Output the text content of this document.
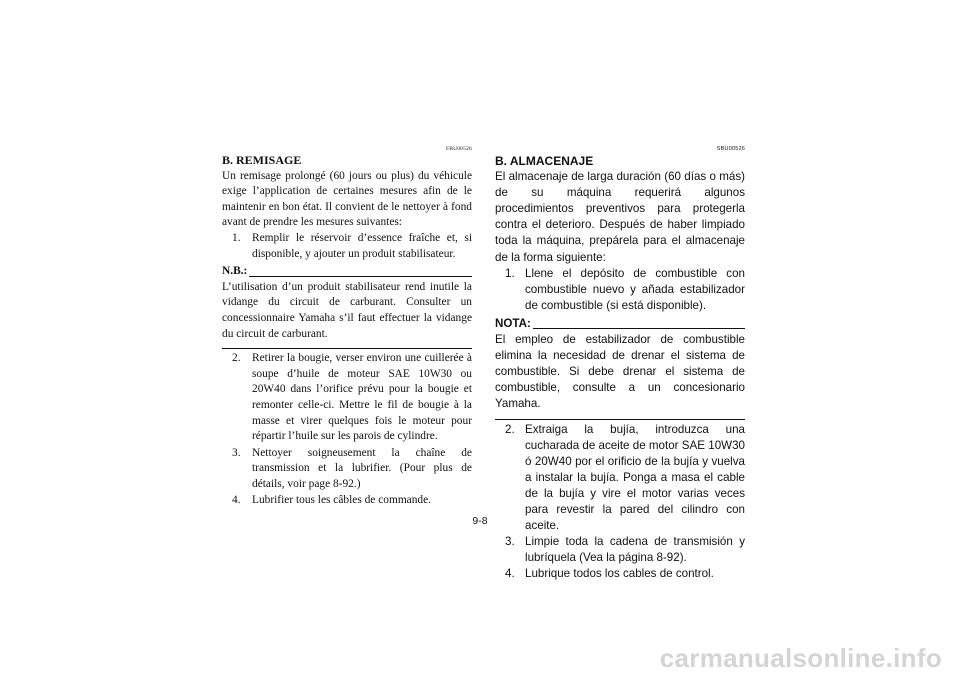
FBU00526
B. REMISAGE

Un remisage prolongé (60 jours ou plus) du véhicule exige l’application de certaines mesures afin de le maintenir en bon état. Il convient de le nettoyer à fond avant de prendre les mesures suivantes:

1. Remplir le réservoir d’essence fraîche et, si disponible, y ajouter un produit stabilisateur.
N.B.:

L’utilisation d’un produit stabilisateur rend inutile la vidange du circuit de carburant. Consulter un concessionnaire Yamaha s’il faut effectuer la vidange du circuit de carburant.

2. Retirer la bougie, verser environ une cuillerée à soupe d’huile de moteur SAE 10W30 ou 20W40 dans l’orifice prévu pour la bougie et remonter celle-ci. Mettre le fil de bougie à la masse et virer quelques fois le moteur pour répartir l’huile sur les parois de cylindre.
3. Nettoyer soigneusement la chaîne de transmission et la lubrifier. (Pour plus de détails, voir page 8-92.)
4. Lubrifier tous les câbles de commande.
SBU00526
B. ALMACENAJE

El almacenaje de larga duración (60 días o más) de su máquina requerirá algunos procedimientos preventivos para protegerla contra el deterioro. Después de haber limpiado toda la máquina, prepárela para el almacenaje de la forma siguiente:

1. Llene el depósito de combustible con combustible nuevo y añada estabilizador de combustible (si está disponible).
NOTA:

El empleo de estabilizador de combustible elimina la necesidad de drenar el sistema de combustible. Si debe drenar el sistema de combustible, consulte a un concesionario Yamaha.

2. Extraiga la bujía, introduzca una cucharada de aceite de motor SAE 10W30 ó 20W40 por el orificio de la bujía y vuelva a instalar la bujía. Ponga a masa el cable de la bujía y vire el motor varias veces para revestir la pared del cilindro con aceite.
3. Limpie toda la cadena de transmisión y lubríquela (Vea la página 8-92).
4. Lubrique todos los cables de control.
9-8
carmanualsonline.info
